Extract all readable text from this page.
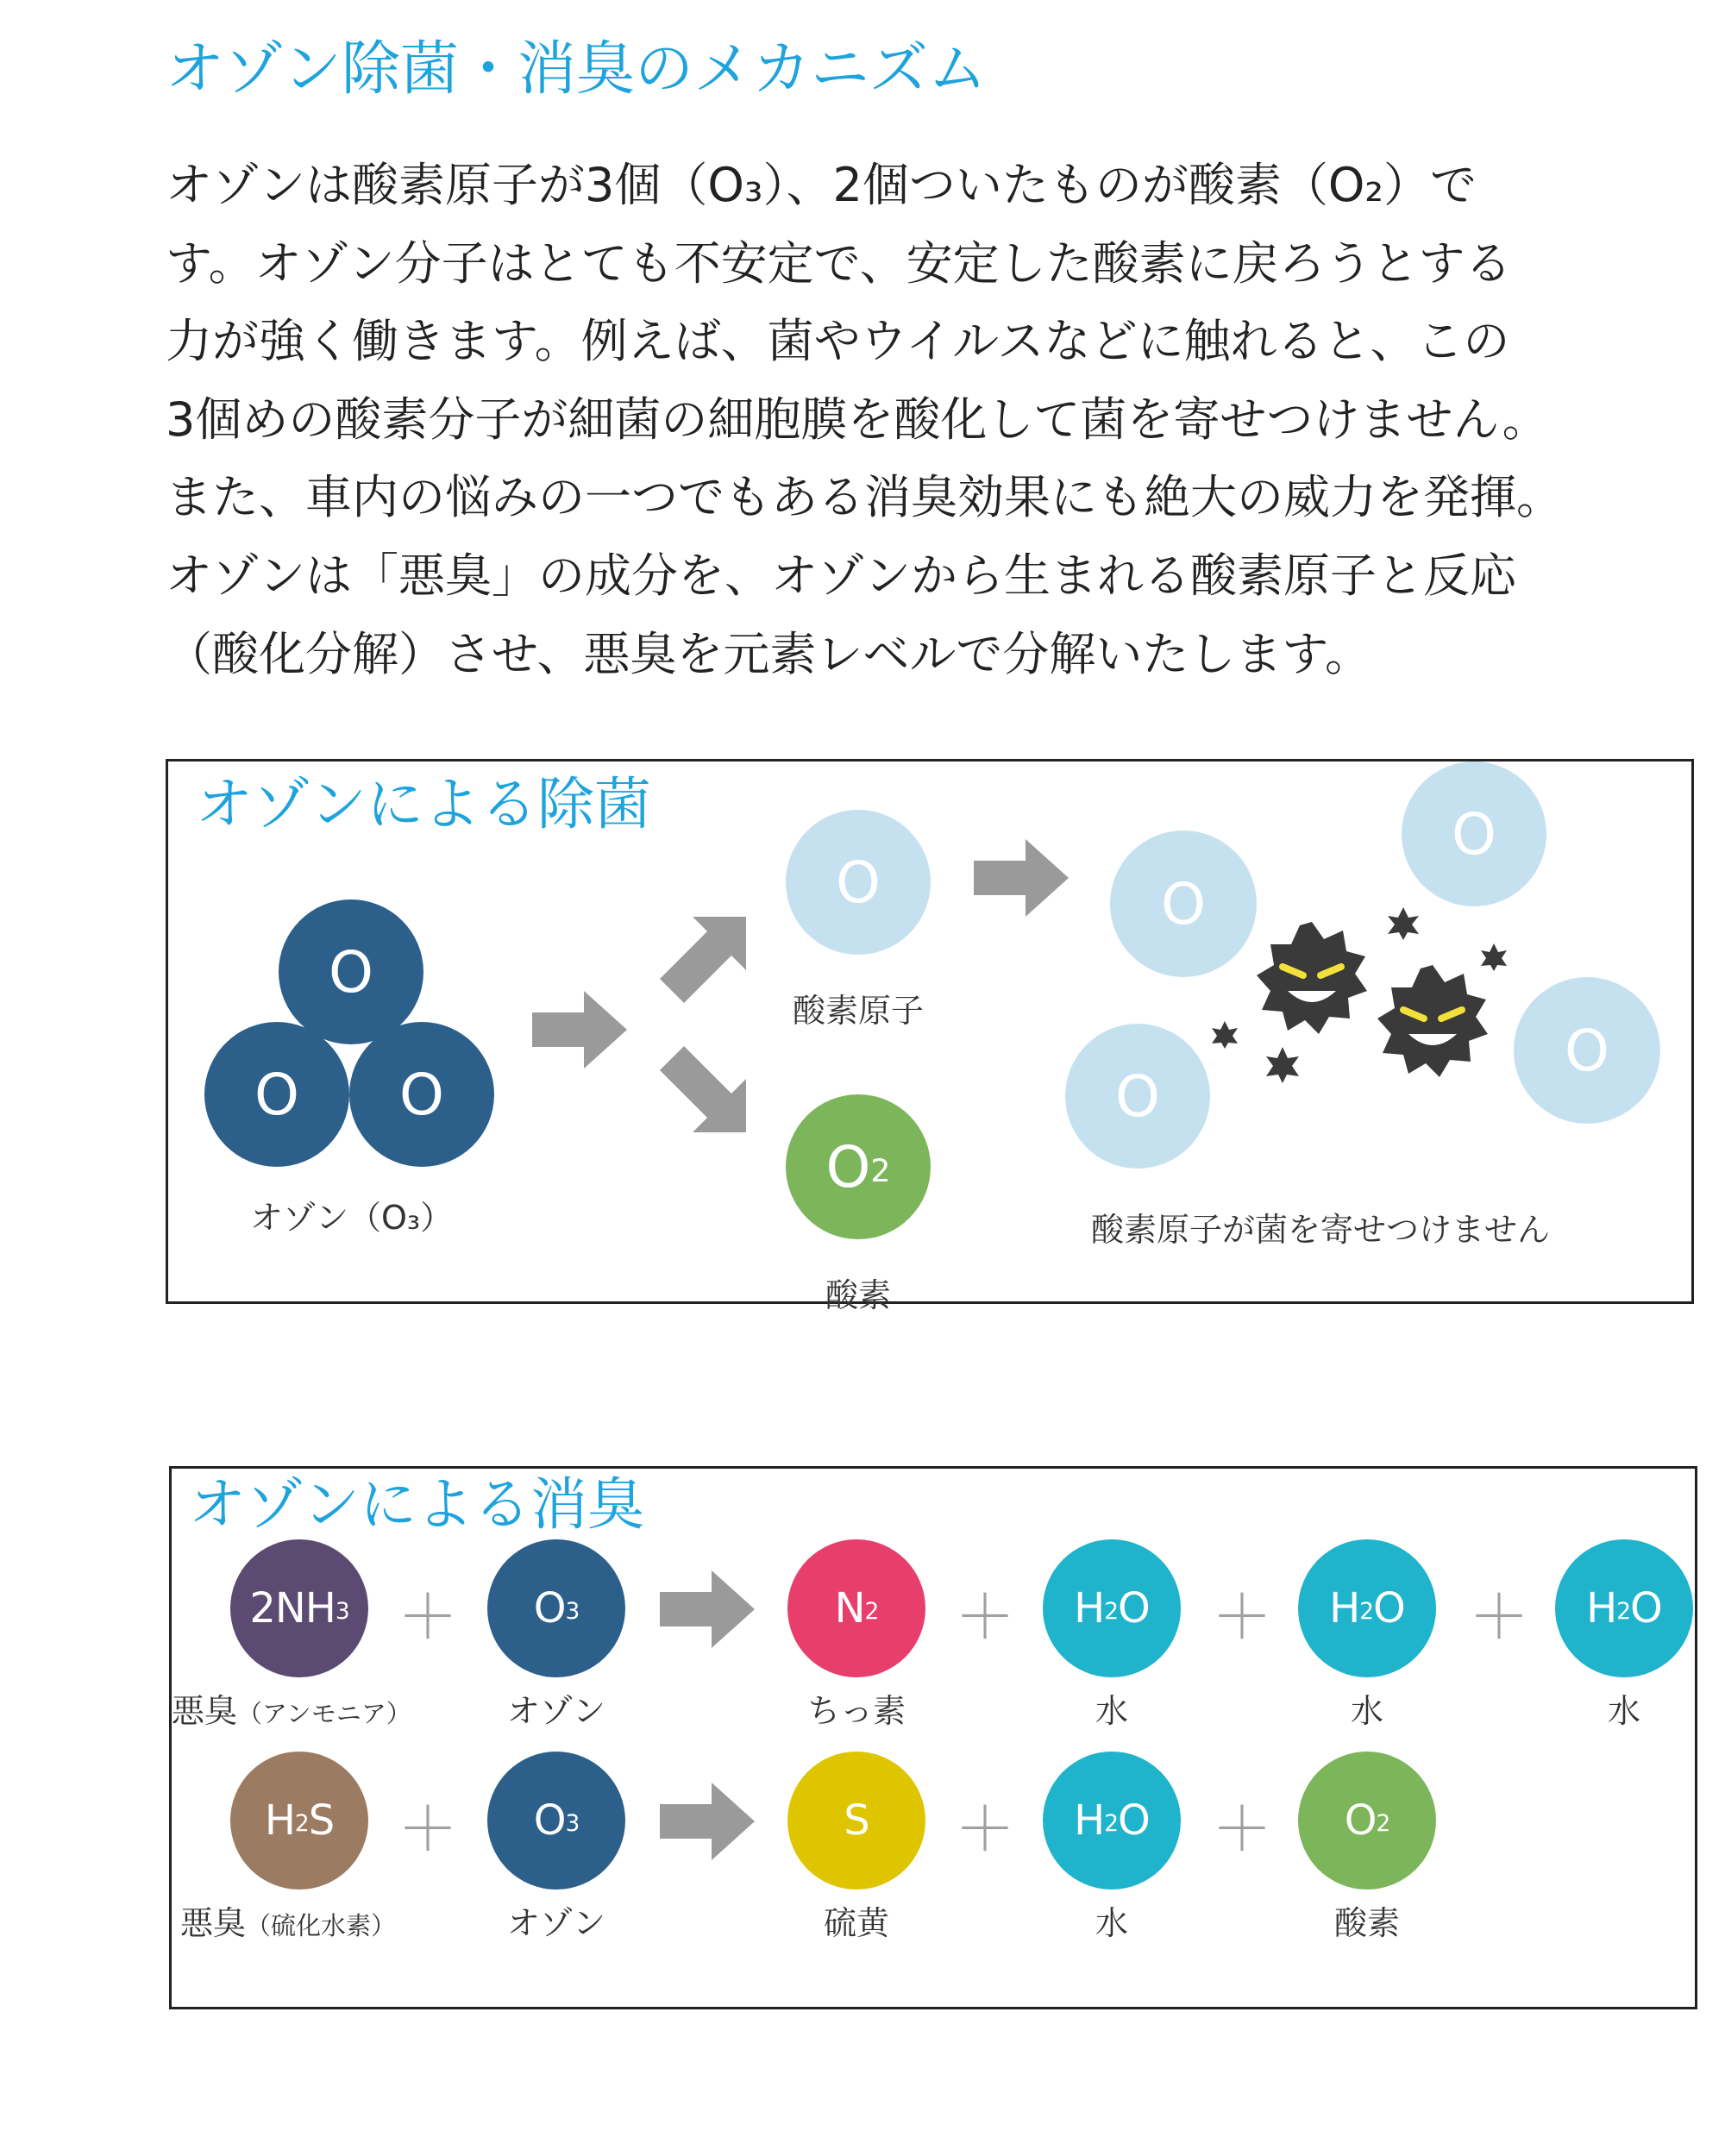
オゾン除菌・消臭のメカニズム
オゾンは酸素原子が3個（O₃）、2個ついたものが酸素（O₂）で
す。オゾン分子はとても不安定で、安定した酸素に戻ろうとする
力が強く働きます。例えば、菌やウイルスなどに触れると、この
3個めの酸素分子が細菌の細胞膜を酸化して菌を寄せつけません。
また、車内の悩みの一つでもある消臭効果にも絶大の威力を発揮。
オゾンは「悪臭」の成分を、オゾンから生まれる酸素原子と反応
（酸化分解）させ、悪臭を元素レベルで分解いたします。
オゾンによる除菌
O
O O
オゾン（O₃）
O
酸素原子
$O_2$
酸素
O
O
O
O
酸素原子が菌を寄せつけません
オゾンによる消臭
$2NH_3$
悪臭（アンモニア）
＋ $O_3$
オゾン
$N_2$
ちっ素
＋ $H_2$ O
水
＋ $H_2$ O
水
＋ $H_2$ O
水
$H_2$ S
悪臭（硫化水素）
＋ $O_3$
オゾン
S
硫黄
＋ $H_2$ O
水
＋ $O_2$
酸素
